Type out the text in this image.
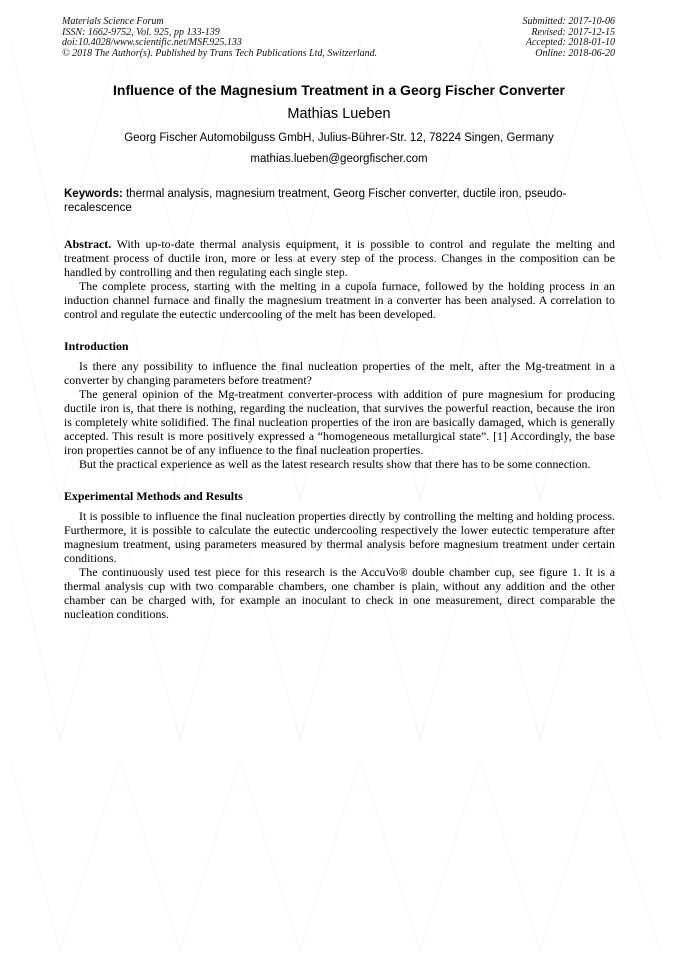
Materials Science Forum
ISSN: 1662-9752, Vol. 925, pp 133-139
doi:10.4028/www.scientific.net/MSF.925.133
© 2018 The Author(s). Published by Trans Tech Publications Ltd, Switzerland.
Submitted: 2017-10-06
Revised: 2017-12-15
Accepted: 2018-01-10
Online: 2018-06-20
Influence of the Magnesium Treatment in a Georg Fischer Converter
Mathias Lueben
Georg Fischer Automobilguss GmbH, Julius-Bührer-Str. 12, 78224 Singen, Germany
mathias.lueben@georgfischer.com
Keywords: thermal analysis, magnesium treatment, Georg Fischer converter, ductile iron, pseudo-recalescence

Abstract. With up-to-date thermal analysis equipment, it is possible to control and regulate the melting and treatment process of ductile iron, more or less at every step of the process. Changes in the composition can be handled by controlling and then regulating each single step.

The complete process, starting with the melting in a cupola furnace, followed by the holding process in an induction channel furnace and finally the magnesium treatment in a converter has been analysed. A correlation to control and regulate the eutectic undercooling of the melt has been developed.

Introduction

Is there any possibility to influence the final nucleation properties of the melt, after the Mg-treatment in a converter by changing parameters before treatment?

The general opinion of the Mg-treatment converter-process with addition of pure magnesium for producing ductile iron is, that there is nothing, regarding the nucleation, that survives the powerful reaction, because the iron is completely white solidified. The final nucleation properties of the iron are basically damaged, which is generally accepted. This result is more positively expressed a “homogeneous metallurgical state”. [1] Accordingly, the base iron properties cannot be of any influence to the final nucleation properties.

But the practical experience as well as the latest research results show that there has to be some connection.

Experimental Methods and Results

It is possible to influence the final nucleation properties directly by controlling the melting and holding process. Furthermore, it is possible to calculate the eutectic undercooling respectively the lower eutectic temperature after magnesium treatment, using parameters measured by thermal analysis before magnesium treatment under certain conditions.

The continuously used test piece for this research is the AccuVo® double chamber cup, see figure 1. It is a thermal analysis cup with two comparable chambers, one chamber is plain, without any addition and the other chamber can be charged with, for example an inoculant to check in one measurement, direct comparable the nucleation conditions.
